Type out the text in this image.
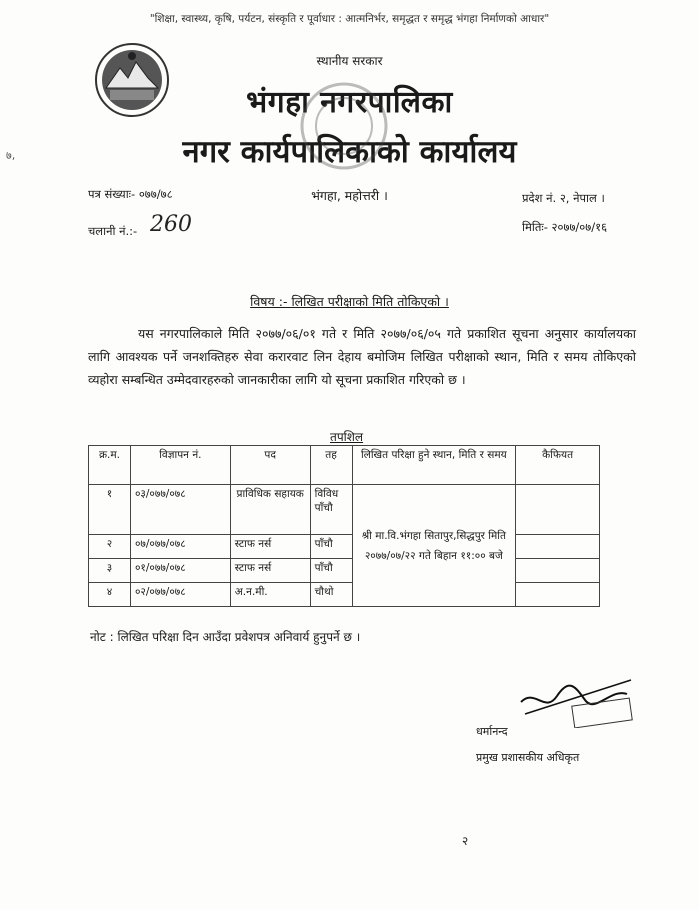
"शिक्षा, स्वास्थ्य, कृषि, पर्यटन, संस्कृति र पूर्वाधार : आत्मनिर्भर, समृद्धत र समृद्ध भंगहा निर्माणको आधार"
स्थानीय सरकार
भंगहा नगरपालिका
नगर कार्यपालिकाको कार्यालय
पत्र संख्याः- ०७७/७८	भंगहा, महोत्तरी ।	प्रदेश नं. २, नेपाल ।
चलानी नं.:- 260	मितिः- २०७७/०७/१६
विषय :- लिखित परीक्षाको मिति तोकिएको ।
यस नगरपालिकाले मिति २०७७/०६/०१ गते र मिति २०७७/०६/०५ गते प्रकाशित सूचना अनुसार कार्यालयका लागि आवश्यक पर्ने जनशक्तिहरु सेवा करारवाट लिन देहाय बमोजिम लिखित परीक्षाको स्थान, मिति र समय तोकिएको व्यहोरा सम्बन्धित उम्मेदवारहरुको जानकारीका लागि यो सूचना प्रकाशित गरिएको छ ।
तपशिल
क्र.म.	विज्ञापन नं.	पद	तह	लिखित परिक्षा हुने स्थान, मिति र समय	कैफियत
१	०३/०७७/०७८	प्राविधिक सहायक	विविध पाँचौ	श्री मा.वि.भंगहा सितापुर,सिद्धपुर मिति २०७७/०७/२२ गते बिहान ११:०० बजे	
२	०७/०७७/०७८	स्टाफ नर्स	पाँचौ		
३	०१/०७७/०७८	स्टाफ नर्स	पाँचौ		
४	०२/०७७/०७८	अ.न.मी.	चौथो		
नोट : लिखित परिक्षा दिन आउँदा प्रवेशपत्र अनिवार्य हुनुपर्ने छ ।
धर्मानन्द
प्रमुख प्रशासकीय अधिकृत
२
७,
